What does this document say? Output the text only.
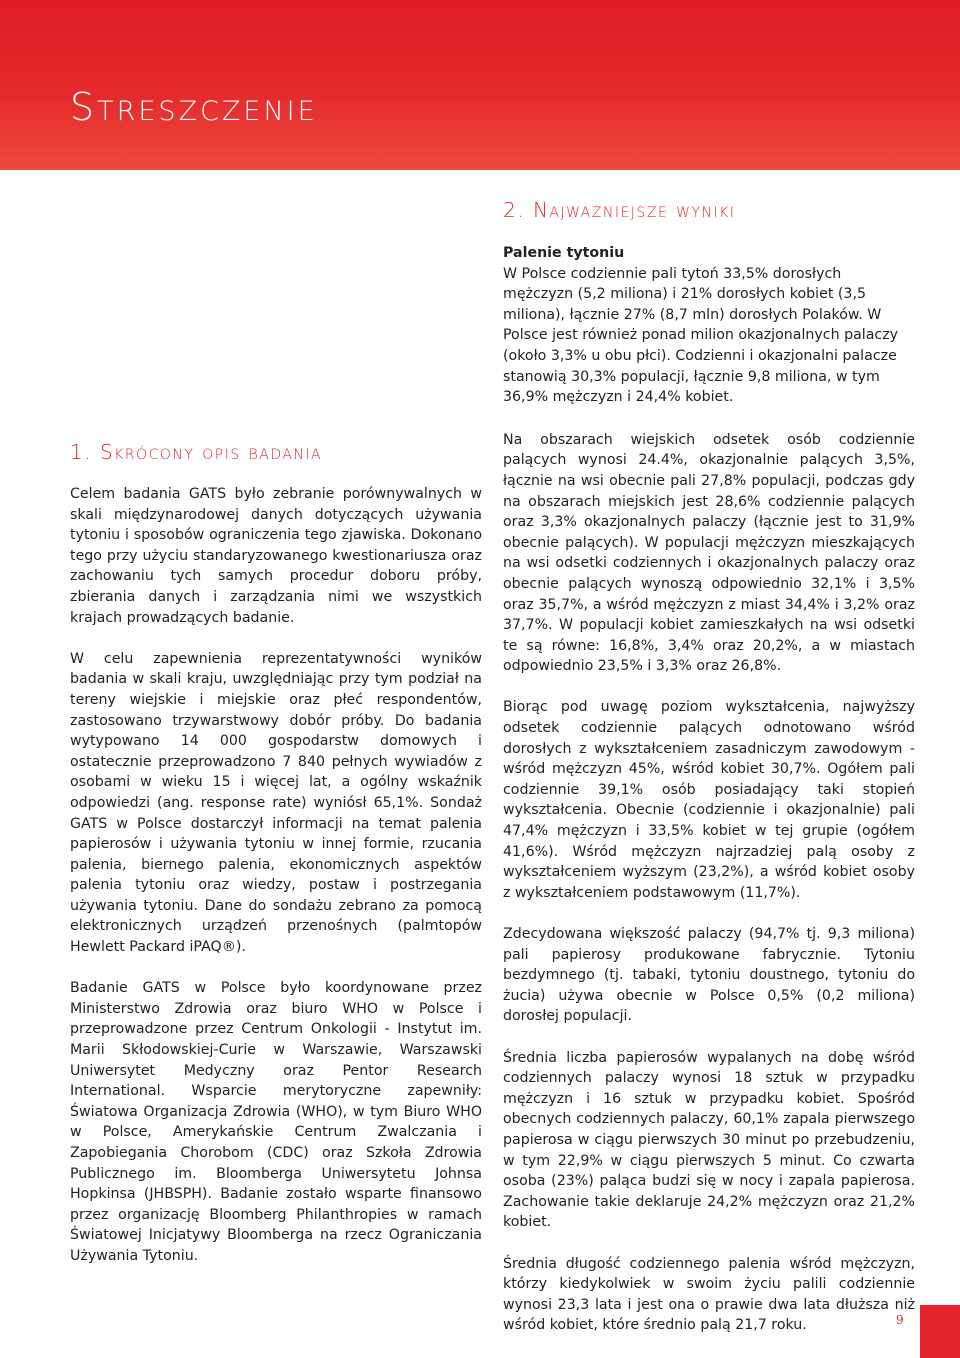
Streszczenie
2. Najważniejsze wyniki
Palenie tytoniu
W Polsce codziennie pali tytoń 33,5% dorosłych mężczyzn (5,2 miliona) i 21% dorosłych kobiet (3,5 miliona), łącznie 27% (8,7 mln) dorosłych Polaków. W Polsce jest również ponad milion okazjonalnych palaczy (około 3,3% u obu płci). Codzienni i okazjonalni palacze stanowią 30,3% populacji, łącznie 9,8 miliona, w tym 36,9% mężczyzn i 24,4% kobiet.

Na obszarach wiejskich odsetek osób codziennie palących wynosi 24.4%, okazjonalnie palących 3,5%, łącznie na wsi obecnie pali 27,8% populacji, podczas gdy na obszarach miejskich jest 28,6% codziennie palących oraz 3,3% okazjonalnych palaczy (łącznie jest to 31,9% obecnie palących). W populacji mężczyzn mieszkających na wsi odsetki codziennych i okazjonalnych palaczy oraz obecnie palących wynoszą odpowiednio 32,1% i 3,5% oraz 35,7%, a wśród mężczyzn z miast 34,4% i 3,2% oraz 37,7%. W populacji kobiet zamieszkałych na wsi odsetki te są równe: 16,8%, 3,4% oraz 20,2%, a w miastach odpowiednio 23,5% i 3,3% oraz 26,8%.

Biorąc pod uwagę poziom wykształcenia, najwyższy odsetek codziennie palących odnotowano wśród dorosłych z wykształceniem zasadniczym zawodowym - wśród mężczyzn 45%, wśród kobiet 30,7%. Ogółem pali codziennie 39,1% osób posiadający taki stopień wykształcenia. Obecnie (codziennie i okazjonalnie) pali 47,4% mężczyzn i 33,5% kobiet w tej grupie (ogółem 41,6%). Wśród mężczyzn najrzadziej palą osoby z wykształceniem wyższym (23,2%), a wśród kobiet osoby z wykształceniem podstawowym (11,7%).

Zdecydowana większość palaczy (94,7% tj. 9,3 miliona) pali papierosy produkowane fabrycznie. Tytoniu bezdymnego (tj. tabaki, tytoniu doustnego, tytoniu do żucia) używa obecnie w Polsce 0,5% (0,2 miliona) dorosłej populacji.

Średnia liczba papierosów wypalanych na dobę wśród codziennych palaczy wynosi 18 sztuk w przypadku mężczyzn i 16 sztuk w przypadku kobiet. Spośród obecnych codziennych palaczy, 60,1% zapala pierwszego papierosa w ciągu pierwszych 30 minut po przebudzeniu, w tym 22,9% w ciągu pierwszych 5 minut. Co czwarta osoba (23%) paląca budzi się w nocy i zapala papierosa. Zachowanie takie deklaruje 24,2% mężczyzn oraz 21,2% kobiet.

Średnia długość codziennego palenia wśród mężczyzn, którzy kiedykolwiek w swoim życiu palili codziennie wynosi 23,3 lata i jest ona o prawie dwa lata dłuższa niż wśród kobiet, które średnio palą 21,7 roku.

1. Skrócony opis badania

Celem badania GATS było zebranie porównywalnych w skali międzynarodowej danych dotyczących używania tytoniu i sposobów ograniczenia tego zjawiska. Dokonano tego przy użyciu standaryzowanego kwestionariusza oraz zachowaniu tych samych procedur doboru próby, zbierania danych i zarządzania nimi we wszystkich krajach prowadzących badanie.

W celu zapewnienia reprezentatywności wyników badania w skali kraju, uwzględniając przy tym podział na tereny wiejskie i miejskie oraz płeć respondentów, zastosowano trzywarstwowy dobór próby. Do badania wytypowano 14 000 gospodarstw domowych i ostatecznie przeprowadzono 7 840 pełnych wywiadów z osobami w wieku 15 i więcej lat, a ogólny wskaźnik odpowiedzi (ang. response rate) wyniósł 65,1%. Sondaż GATS w Polsce dostarczył informacji na temat palenia papierosów i używania tytoniu w innej formie, rzucania palenia, biernego palenia, ekonomicznych aspektów palenia tytoniu oraz wiedzy, postaw i postrzegania używania tytoniu. Dane do sondażu zebrano za pomocą elektronicznych urządzeń przenośnych (palmtopów Hewlett Packard iPAQ®).

Badanie GATS w Polsce było koordynowane przez Ministerstwo Zdrowia oraz biuro WHO w Polsce i przeprowadzone przez Centrum Onkologii - Instytut im. Marii Skłodowskiej-Curie w Warszawie, Warszawski Uniwersytet Medyczny oraz Pentor Research International. Wsparcie merytoryczne zapewniły: Światowa Organizacja Zdrowia (WHO), w tym Biuro WHO w Polsce, Amerykańskie Centrum Zwalczania i Zapobiegania Chorobom (CDC) oraz Szkoła Zdrowia Publicznego im. Bloomberga Uniwersytetu Johnsa Hopkinsa (JHBSPH). Badanie zostało wsparte finansowo przez organizację Bloomberg Philanthropies w ramach Światowej Inicjatywy Bloomberga na rzecz Ograniczania Używania Tytoniu.

9
